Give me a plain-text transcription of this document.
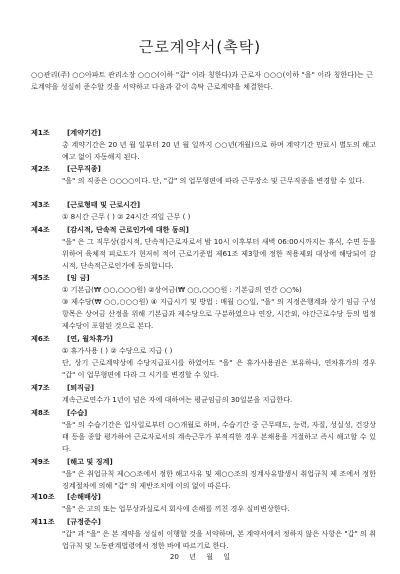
근로계약서(촉탁)
○○관리(주) ○○아파트 관리소장 ○○○(이하 "갑" 이라 칭한다)과 근로자 ○○○(이하 "을" 이라 칭한다)는 근로계약을 성실히 준수할 것을 서약하고 다음과 같이 촉탁 근로계약을 체결한다.
제1조 [계약기간]
총 계약기간은 20 년 월 일부터 20 년 월 일까지 ○○년(개월)으로 하며 계약기간 만료시 별도의 해고예고 없이 자동해지 된다.
제2조 [근무직종]
"을" 의 직종은 ○○○○이다. 단, "갑" 의 업무형편에 따라 근무장소 및 근무직종을 변경할 수 있다.
제3조 [근로형태 및 근로시간]
① 8시간 근무 ( ) ② 24시간 격일 근무 ( )
제4조 [감시적, 단속적 근로인가에 대한 동의]
"을" 은 그 직무상(감시적, 단속적)근로자로서 밤 10시 이후부터 새벽 06:00시까지는 휴식, 수면 등을 위하여 육체적 피로도가 현저히 적어 근로기준법 제61조 제3항에 정한 적용제외 대상에 해당되어 감시적, 단속적근로인가에 동의합니다.
제5조 [임 금]
① 기본급(₩ ○○,○○○원) ②상여금(₩ ○○,○○○원 : 기본급의 연간 ○○%)
③ 제수당(₩ ○○,○○○원) ④ 지급시기 및 방법 : 매월 ○○일, "을" 의 지정은행계좌 상기 임금 구성항목은 상여금 산정을 위해 기본급과 제수당으로 구분하였으나 연장, 시간외, 야간근로수당 등의 법정 제수당이 포함된 것으로 본다.
제6조 [연, 월차휴가]
① 휴가사용 ( ) ② 수당으로 지급 ( )
단, 상기 근로계약상에 수당지급표시를 하였어도 "을" 은 휴가사용권은 보유하나, 연차휴가의 경우 "갑" 이 업무형편에 다라 그 시기를 변경할 수 있다.
제7조 [퇴직금]
계속근로연수가 1년이 넘은 자에 대하여는 평균임금의 30일분을 지급한다.
제8조 [수습]
"을" 의 수습기간은 입사일로부터 ○○개월로 하며, 수습기간 중 근무태도, 능력, 자질, 성실성, 건강상태 등을 종합 평가하여 근로자로서의 계속근무가 부적격한 경우 본채용을 거절하고 즉시 해고할 수 있다.
제9조 [해고 및 징계]
"을" 은 취업규칙 제○○조에서 정한 해고사유 및 제○○조의 징계사유발생시 취업규칙 제 조에서 정한 징계절차에 의해 "갑" 의 제반조치에 이의 없이 따른다.
제10조 [손해배상]
"을" 은 고의 또는 업무상과실로서 회사에 손해를 끼친 경우 실비변상한다.
제11조 [규정준수]
"갑" 과 "을" 은 본 계약을 성실히 이행할 것을 서약하며, 본 계약서에서 정하지 않은 사항은 "갑" 의 취업규칙 및 노동관계법령에서 정한 바에 따르기로 한다.
20 년 월 일
